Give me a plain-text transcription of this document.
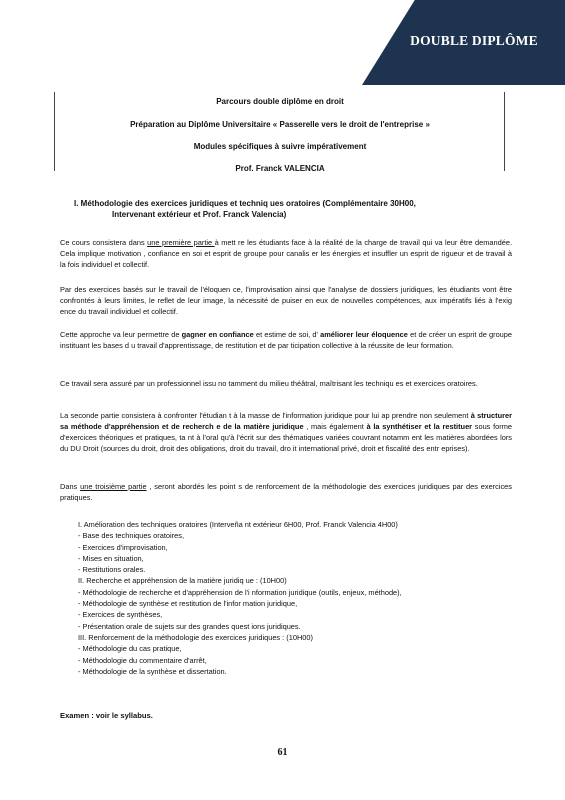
DOUBLE DIPLÔME
Parcours double diplôme en droit
Préparation au Diplôme Universitaire « Passerelle vers le droit de l'entreprise »
Modules spécifiques à suivre impérativement
Prof. Franck VALENCIA
I. Méthodologie des exercices juridiques et techniq ues oratoires (Complémentaire 30H00,
Intervenant extérieur et Prof. Franck Valencia)
Ce cours consistera dans une première partie à mett re les étudiants face à la réalité de la charge de travail qui va leur être demandée. Cela implique motivation , confiance en soi et esprit de groupe pour canalis er les énergies et insuffler un esprit de rigueur et de travail à la fois individuel et collectif.
Par des exercices basés sur le travail de l'éloquen ce, l'improvisation ainsi que l'analyse de dossiers juridiques, les étudiants vont être confrontés à leurs limites, le reflet de leur image, la nécessité de puiser en eux de nouvelles compétences, aux impératifs liés à l'exig ence du travail individuel et collectif.
Cette approche va leur permettre de gagner en confiance et estime de soi, d' améliorer leur éloquence et de créer un esprit de groupe instituant les bases d u travail d'apprentissage, de restitution et de par ticipation collective à la réussite de leur formation.
Ce travail sera assuré par un professionnel issu no tamment du milieu théâtral, maîtrisant les techniqu es et exercices oratoires.
La seconde partie consistera à confronter l'étudian t à la masse de l'information juridique pour lui ap prendre non seulement à structurer sa méthode d'appréhension et de recherch e de la matière juridique , mais également à la synthétiser et la restituer sous forme d'exercices théoriques et pratiques, ta nt à l'oral qu'à l'écrit sur des thématiques variées couvrant notamm ent les matières abordées lors du DU Droit (sources du droit, droit des obligations, droit du travail, dro it international privé, droit et fiscalité des entr eprises).
Dans une troisième partie , seront abordés les point s de renforcement de la méthodologie des exercices juridiques par des exercices pratiques.
I. Amélioration des techniques oratoires (Interveña nt extérieur 6H00, Prof. Franck Valencia 4H00)
- Base des techniques oratoires,
- Exercices d'improvisation,
- Mises en situation,
- Restitutions orales.
II. Recherche et appréhension de la matière juridiq ue : (10H00)
- Méthodologie de recherche et d'appréhension de l'i nformation juridique (outils, enjeux, méthode),
- Méthodologie de synthèse et restitution de l'infor mation juridique,
- Exercices de synthèses,
- Présentation orale de sujets sur des grandes quest ions juridiques.
III. Renforcement de la méthodologie des exercices juridiques : (10H00)
- Méthodologie du cas pratique,
- Méthodologie du commentaire d'arrêt,
- Méthodologie de la synthèse et dissertation.
Examen : voir le syllabus.
61
